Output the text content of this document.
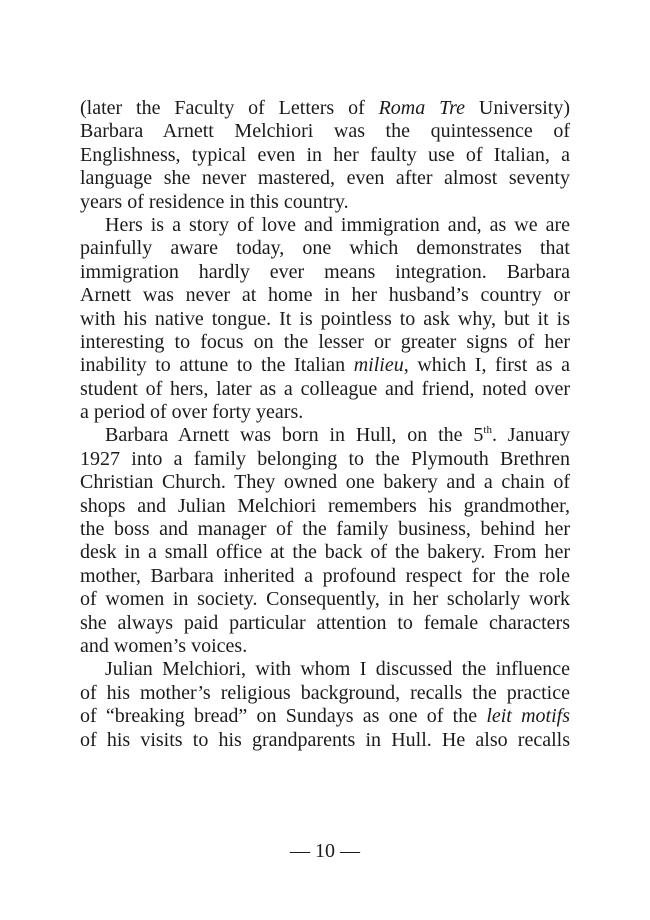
(later the Faculty of Letters of Roma Tre University)
Barbara Arnett Melchiori was the quintessence of
Englishness, typical even in her faulty use of Italian, a
language she never mastered, even after almost seventy
years of residence in this country.
Hers is a story of love and immigration and, as we are
painfully aware today, one which demonstrates that
immigration hardly ever means integration. Barbara
Arnett was never at home in her husband’s country or
with his native tongue. It is pointless to ask why, but it is
interesting to focus on the lesser or greater signs of her
inability to attune to the Italian milieu, which I, first as a
student of hers, later as a colleague and friend, noted over
a period of over forty years.
Barbara Arnett was born in Hull, on the 5th. January
1927 into a family belonging to the Plymouth Brethren
Christian Church. They owned one bakery and a chain of
shops and Julian Melchiori remembers his grandmother,
the boss and manager of the family business, behind her
desk in a small office at the back of the bakery. From her
mother, Barbara inherited a profound respect for the role
of women in society. Consequently, in her scholarly work
she always paid particular attention to female characters
and women’s voices.
Julian Melchiori, with whom I discussed the influence
of his mother’s religious background, recalls the practice
of “breaking bread” on Sundays as one of the leit motifs
of his visits to his grandparents in Hull. He also recalls
— 10 —
